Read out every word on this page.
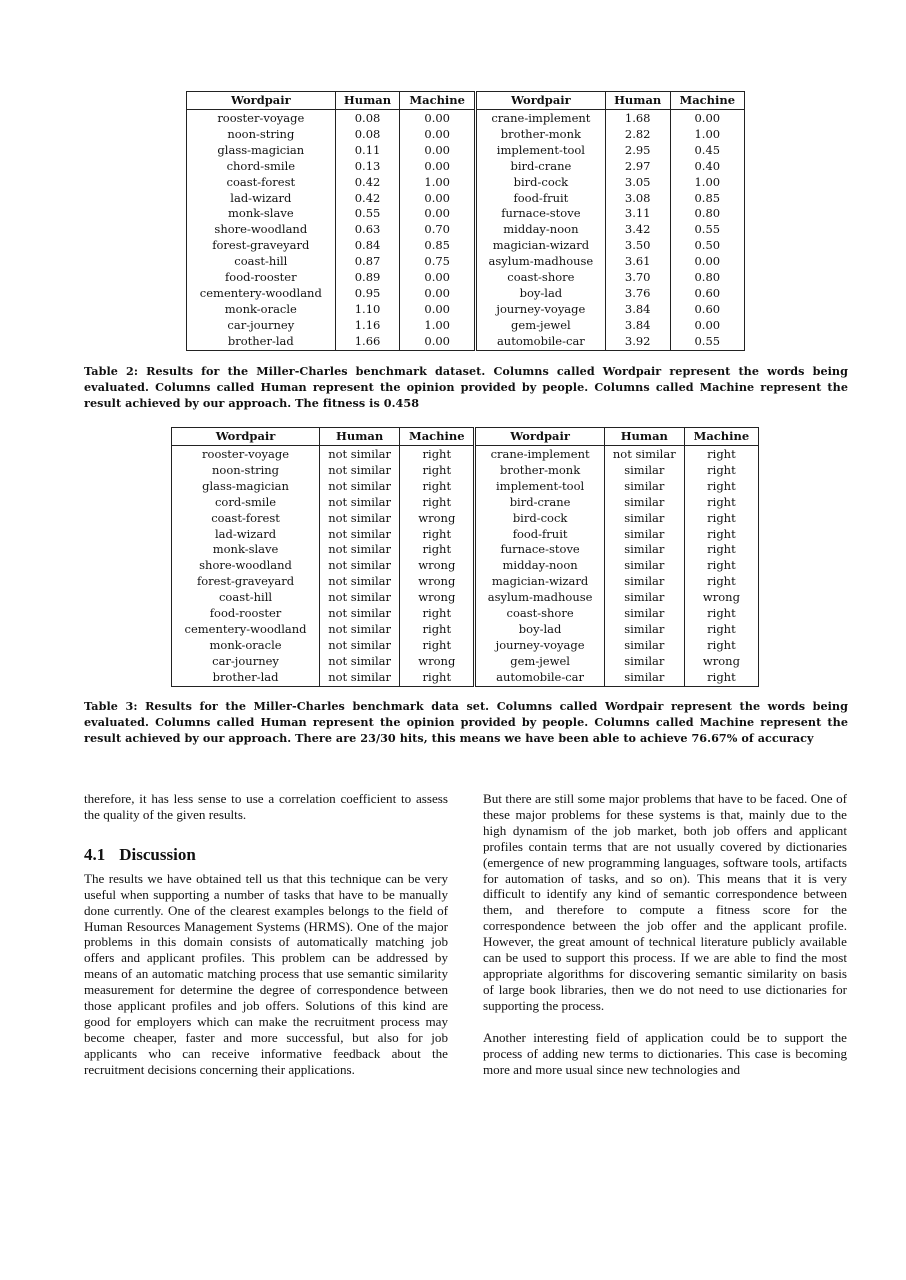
Wordpair	Human	Machine	Wordpair	Human	Machine
rooster-voyage	0.08	0.00	crane-implement	1.68	0.00
noon-string	0.08	0.00	brother-monk	2.82	1.00
glass-magician	0.11	0.00	implement-tool	2.95	0.45
chord-smile	0.13	0.00	bird-crane	2.97	0.40
coast-forest	0.42	1.00	bird-cock	3.05	1.00
lad-wizard	0.42	0.00	food-fruit	3.08	0.85
monk-slave	0.55	0.00	furnace-stove	3.11	0.80
shore-woodland	0.63	0.70	midday-noon	3.42	0.55
forest-graveyard	0.84	0.85	magician-wizard	3.50	0.50
coast-hill	0.87	0.75	asylum-madhouse	3.61	0.00
food-rooster	0.89	0.00	coast-shore	3.70	0.80
cementery-woodland	0.95	0.00	boy-lad	3.76	0.60
monk-oracle	1.10	0.00	journey-voyage	3.84	0.60
car-journey	1.16	1.00	gem-jewel	3.84	0.00
brother-lad	1.66	0.00	automobile-car	3.92	0.55
Table 2: Results for the Miller-Charles benchmark dataset. Columns called Wordpair represent the words being evaluated. Columns called Human represent the opinion provided by people. Columns called Machine represent the result achieved by our approach. The fitness is 0.458
Wordpair	Human	Machine	Wordpair	Human	Machine
rooster-voyage	not similar	right	crane-implement	not similar	right
noon-string	not similar	right	brother-monk	similar	right
glass-magician	not similar	right	implement-tool	similar	right
cord-smile	not similar	right	bird-crane	similar	right
coast-forest	not similar	wrong	bird-cock	similar	right
lad-wizard	not similar	right	food-fruit	similar	right
monk-slave	not similar	right	furnace-stove	similar	right
shore-woodland	not similar	wrong	midday-noon	similar	right
forest-graveyard	not similar	wrong	magician-wizard	similar	right
coast-hill	not similar	wrong	asylum-madhouse	similar	wrong
food-rooster	not similar	right	coast-shore	similar	right
cementery-woodland	not similar	right	boy-lad	similar	right
monk-oracle	not similar	right	journey-voyage	similar	right
car-journey	not similar	wrong	gem-jewel	similar	wrong
brother-lad	not similar	right	automobile-car	similar	right
Table 3: Results for the Miller-Charles benchmark data set. Columns called Wordpair represent the words being evaluated. Columns called Human represent the opinion provided by people. Columns called Machine represent the result achieved by our approach. There are 23/30 hits, this means we have been able to achieve 76.67% of accuracy

therefore, it has less sense to use a correlation coefficient to assess the quality of the given results.

4.1 Discussion

The results we have obtained tell us that this technique can be very useful when supporting a number of tasks that have to be manually done currently. One of the clearest examples belongs to the field of Human Resources Management Systems (HRMS). One of the major problems in this domain consists of automatically matching job offers and applicant profiles. This problem can be addressed by means of an automatic matching process that use semantic similarity measurement for determine the degree of correspondence between those applicant profiles and job offers. Solutions of this kind are good for employers which can make the recruitment process may become cheaper, faster and more successful, but also for job applicants who can receive informative feedback about the recruitment decisions concerning their applications.

But there are still some major problems that have to be faced. One of these major problems for these systems is that, mainly due to the high dynamism of the job market, both job offers and applicant profiles contain terms that are not usually covered by dictionaries (emergence of new programming languages, software tools, artifacts for automation of tasks, and so on). This means that it is very difficult to identify any kind of semantic correspondence between them, and therefore to compute a fitness score for the correspondence between the job offer and the applicant profile. However, the great amount of technical literature publicly available can be used to support this process. If we are able to find the most appropriate algorithms for discovering semantic similarity on basis of large book libraries, then we do not need to use dictionaries for supporting the process.

Another interesting field of application could be to support the process of adding new terms to dictionaries. This case is becoming more and more usual since new technologies and
